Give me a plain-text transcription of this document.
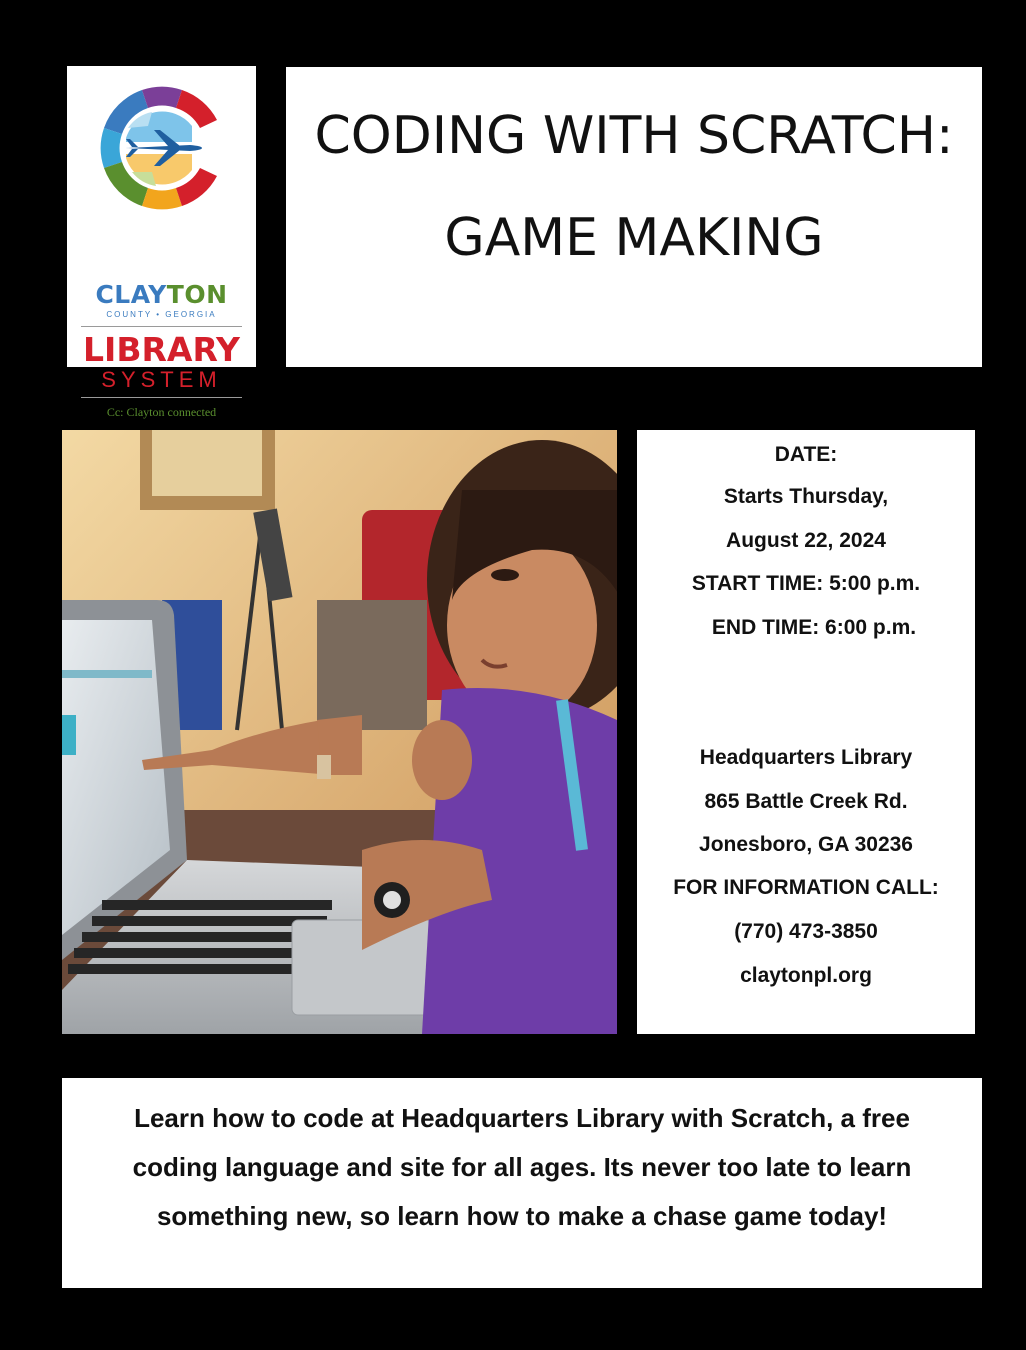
CLAYTON
COUNTY • GEORGIA
LIBRARY
SYSTEM
Cc: Clayton connected
CODING WITH SCRATCH:
GAME MAKING
DATE:
Starts Thursday,
August 22, 2024
START TIME: 5:00 p.m.
END TIME: 6:00 p.m.
Headquarters Library
865 Battle Creek Rd.
Jonesboro, GA 30236
FOR INFORMATION CALL:
(770) 473-3850
claytonpl.org

Learn how to code at Headquarters Library with Scratch, a free
coding language and site for all ages. Its never too late to learn
something new, so learn how to make a chase game today!
